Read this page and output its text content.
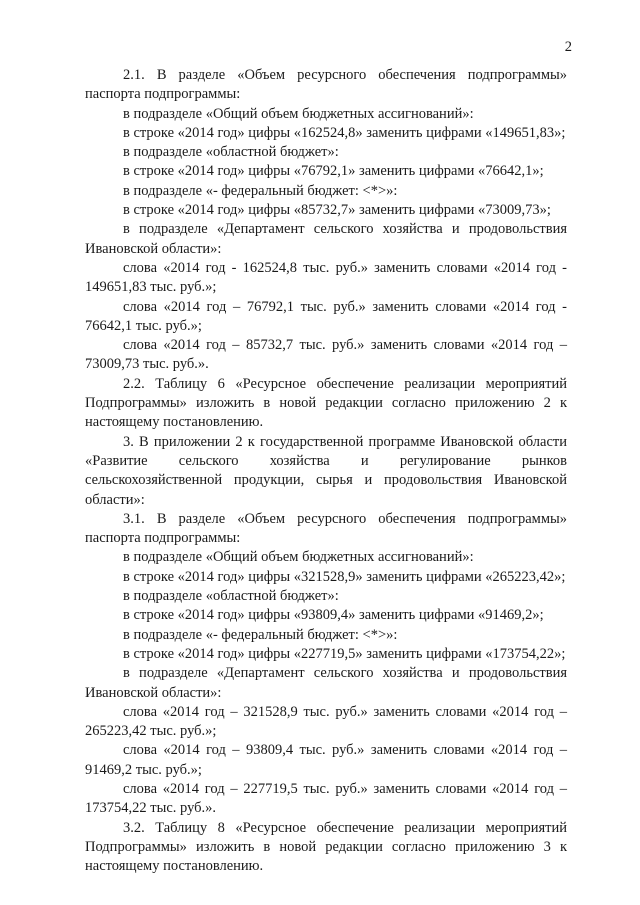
2

2.1. В разделе «Объем ресурсного обеспечения подпрограммы» паспорта подпрограммы:

в подразделе «Общий объем бюджетных ассигнований»:

в строке «2014 год» цифры «162524,8» заменить цифрами «149651,83»;

в подразделе «областной бюджет»:

в строке «2014 год» цифры «76792,1» заменить цифрами «76642,1»;

в подразделе «- федеральный бюджет: <*>»:

в строке «2014 год» цифры «85732,7» заменить цифрами «73009,73»;

в подразделе «Департамент сельского хозяйства и продовольствия Ивановской области»:

слова «2014 год - 162524,8 тыс. руб.» заменить словами «2014 год - 149651,83 тыс. руб.»;

слова «2014 год – 76792,1 тыс. руб.» заменить словами «2014 год - 76642,1 тыс. руб.»;

слова «2014 год – 85732,7 тыс. руб.» заменить словами «2014 год – 73009,73 тыс. руб.».

2.2. Таблицу 6 «Ресурсное обеспечение реализации мероприятий Подпрограммы» изложить в новой редакции согласно приложению 2 к настоящему постановлению.

3. В приложении 2 к государственной программе Ивановской области «Развитие сельского хозяйства и регулирование рынков сельскохозяйственной продукции, сырья и продовольствия Ивановской области»:

3.1. В разделе «Объем ресурсного обеспечения подпрограммы» паспорта подпрограммы:

в подразделе «Общий объем бюджетных ассигнований»:

в строке «2014 год» цифры «321528,9» заменить цифрами «265223,42»;

в подразделе «областной бюджет»:

в строке «2014 год» цифры «93809,4» заменить цифрами «91469,2»;

в подразделе «- федеральный бюджет: <*>»:

в строке «2014 год» цифры «227719,5» заменить цифрами «173754,22»;

в подразделе «Департамент сельского хозяйства и продовольствия Ивановской области»:

слова «2014 год – 321528,9 тыс. руб.» заменить словами «2014 год – 265223,42 тыс. руб.»;

слова «2014 год – 93809,4 тыс. руб.» заменить словами «2014 год – 91469,2 тыс. руб.»;

слова «2014 год – 227719,5 тыс. руб.» заменить словами «2014 год – 173754,22 тыс. руб.».

3.2. Таблицу 8 «Ресурсное обеспечение реализации мероприятий Подпрограммы» изложить в новой редакции согласно приложению 3 к настоящему постановлению.
